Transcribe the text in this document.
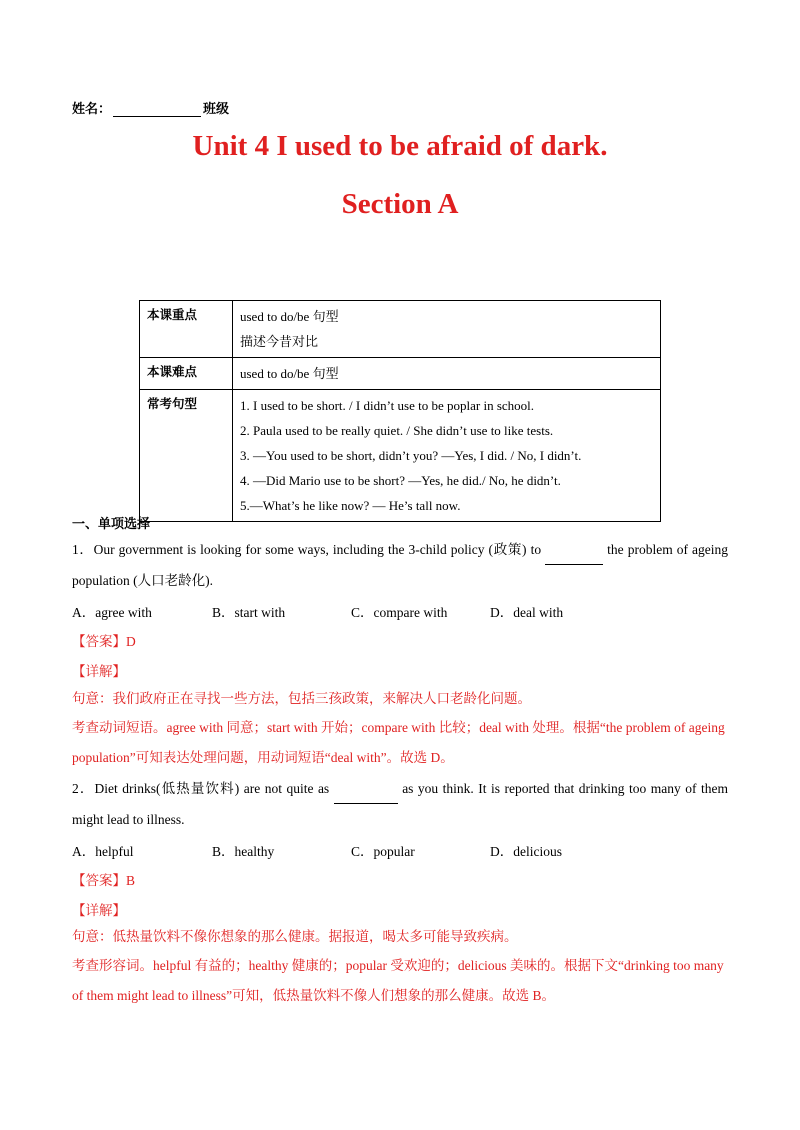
姓名：	班级
Unit 4 I used to be afraid of dark.
Section A
本课重点	used to do/be 句型
描述今昔对比

本课难点	used to do/be 句型

常考句型	1. I used to be short. / I didn’t use to be poplar in school.
2. Paula used to be really quiet. / She didn’t use to like tests.
3. —You used to be short, didn’t you? —Yes, I did. / No, I didn’t.
4. —Did Mario use to be short? —Yes, he did./ No, he didn’t.
5.—What’s he like now? — He’s tall now.
一、单项选择
1．Our government is looking for some ways, including the 3-child policy (政策) to	the problem of ageing population (人口老龄化).
A．agree with	B．start with	C．compare with	D．deal with
【答案】D
【详解】
句意：我们政府正在寻找一些方法，包括三孩政策，来解决人口老龄化问题。
考查动词短语。agree with 同意；start with 开始；compare with 比较；deal with 处理。根据“the problem of ageing population”可知表达处理问题，用动词短语“deal with”。故选 D。
2．Diet drinks(低热量饮料) are not quite as	as you think. It is reported that drinking too many of them might lead to illness.
A．helpful	B．healthy	C．popular	D．delicious
【答案】B
【详解】
句意：低热量饮料不像你想象的那么健康。据报道，喝太多可能导致疾病。
考查形容词。helpful 有益的；healthy 健康的；popular 受欢迎的；delicious 美味的。根据下文“drinking too many of them might lead to illness”可知，低热量饮料不像人们想象的那么健康。故选 B。
